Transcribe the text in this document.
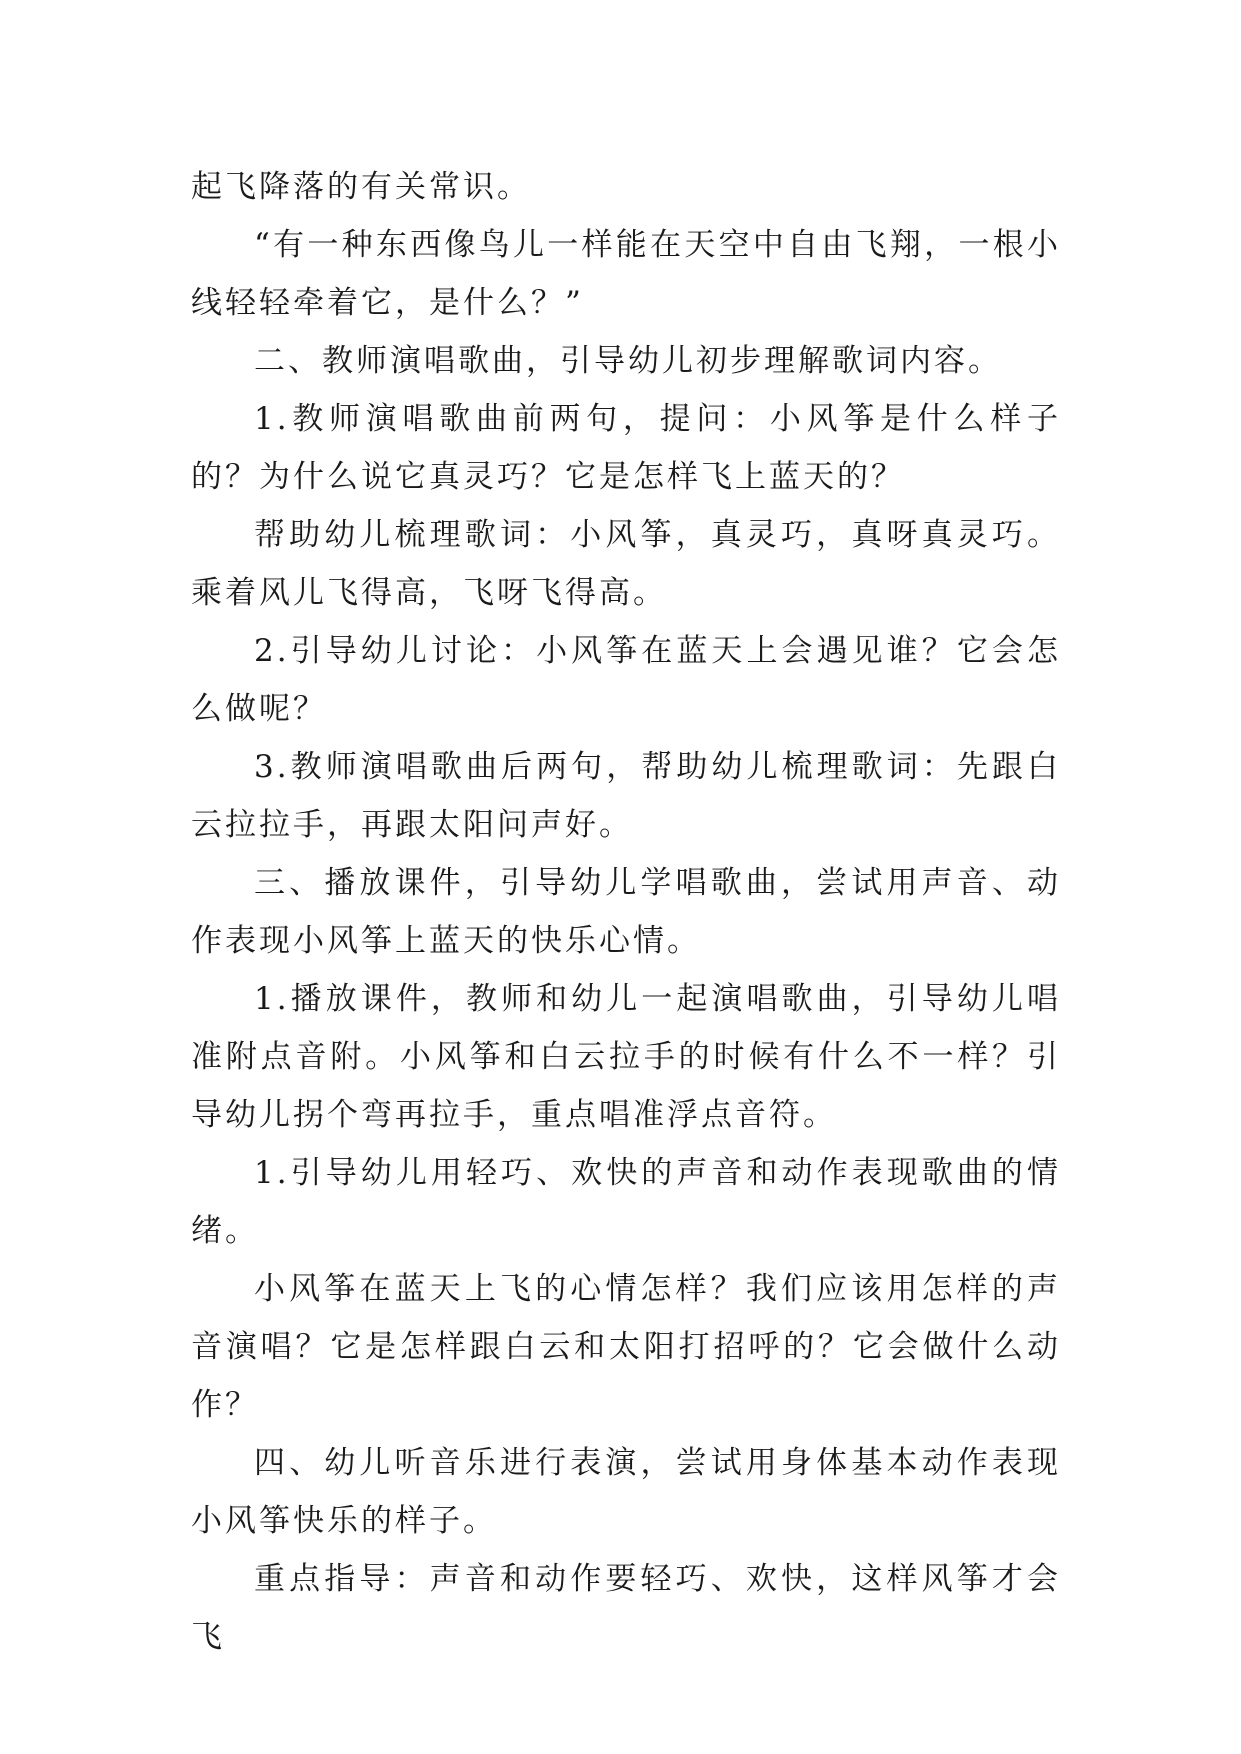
起飞降落的有关常识。

“有一种东西像鸟儿一样能在天空中自由飞翔，一根小线轻轻牵着它，是什么？”

二、教师演唱歌曲，引导幼儿初步理解歌词内容。

1.教师演唱歌曲前两句，提问：小风筝是什么样子的？为什么说它真灵巧？它是怎样飞上蓝天的？

帮助幼儿梳理歌词：小风筝，真灵巧，真呀真灵巧。乘着风儿飞得高，飞呀飞得高。

2.引导幼儿讨论：小风筝在蓝天上会遇见谁？它会怎么做呢？

3.教师演唱歌曲后两句，帮助幼儿梳理歌词：先跟白云拉拉手，再跟太阳问声好。

三、播放课件，引导幼儿学唱歌曲，尝试用声音、动作表现小风筝上蓝天的快乐心情。

1.播放课件，教师和幼儿一起演唱歌曲，引导幼儿唱准附点音附。小风筝和白云拉手的时候有什么不一样？引导幼儿拐个弯再拉手，重点唱准浮点音符。

1.引导幼儿用轻巧、欢快的声音和动作表现歌曲的情绪。

小风筝在蓝天上飞的心情怎样？我们应该用怎样的声音演唱？它是怎样跟白云和太阳打招呼的？它会做什么动作？

四、幼儿听音乐进行表演，尝试用身体基本动作表现小风筝快乐的样子。

重点指导：声音和动作要轻巧、欢快，这样风筝才会飞
